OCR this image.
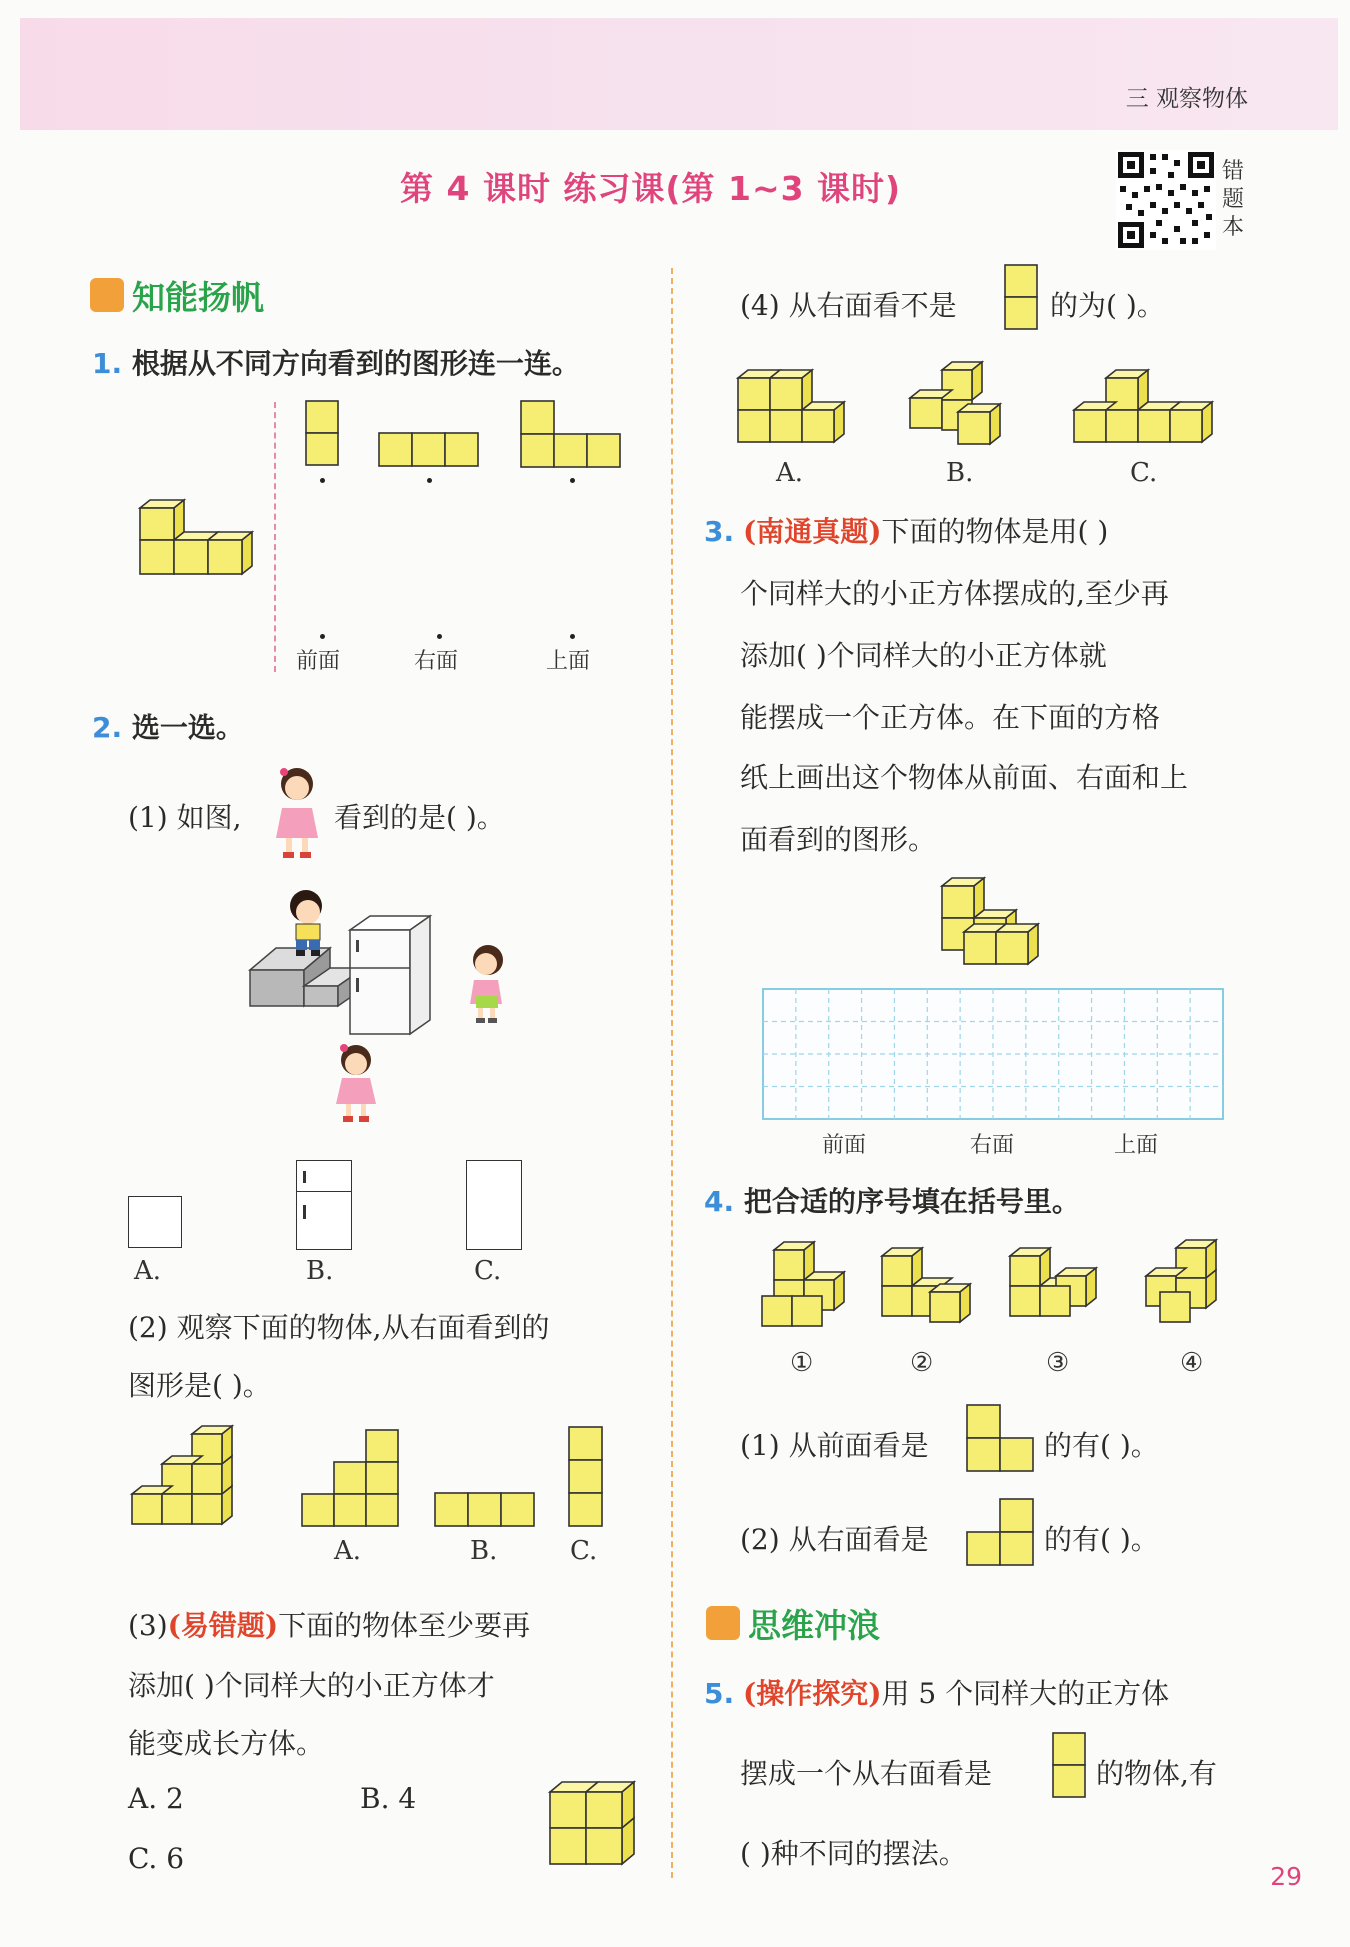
三 观察物体
第 4 课时 练习课(第 1~3 课时)	错题本
知能扬帆
1. 根据从不同方向看到的图形连一连。
前面	右面	上面
2. 选一选。
(1) 如图,	看到的是( )。
A.	B.	C.
(2) 观察下面的物体,从右面看到的
图形是( )。
A.	B.	C.
(3)(易错题)下面的物体至少要再
添加( )个同样大的小正方体才
能变成长方体。
A. 2	B. 4
C. 6
(4) 从右面看不是	的为( )。
A.	B.	C.
3. (南通真题)下面的物体是用( )
个同样大的小正方体摆成的,至少再
添加( )个同样大的小正方体就
能摆成一个正方体。在下面的方格
纸上画出这个物体从前面、右面和上
面看到的图形。
前面	右面	上面
4. 把合适的序号填在括号里。
①	②	③	④
(1) 从前面看是	的有( )。
(2) 从右面看是	的有( )。
思维冲浪
5. (操作探究)用 5 个同样大的正方体
摆成一个从右面看是	的物体,有
( )种不同的摆法。
29
